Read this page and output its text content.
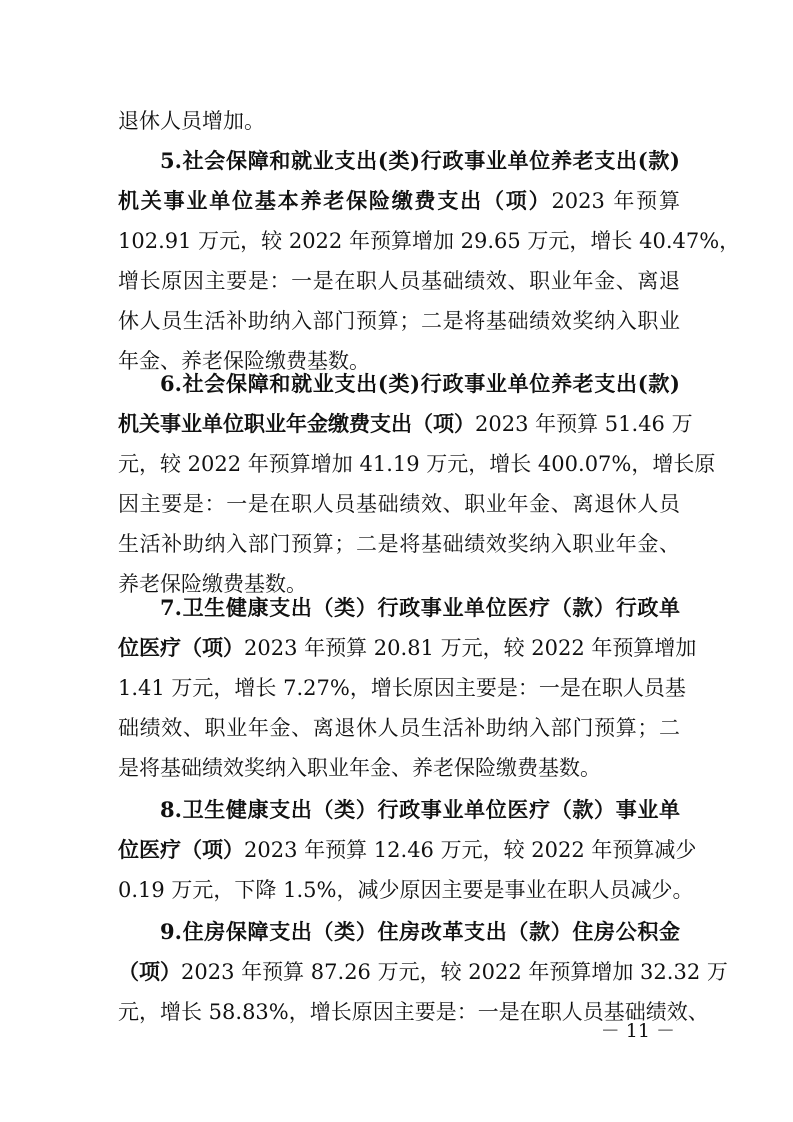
退休人员增加。
5.社会保障和就业支出(类)行政事业单位养老支出(款)
机关事业单位基本养老保险缴费支出（项）2023 年预算
102.91 万元，较 2022 年预算增加 29.65 万元，增长 40.47%，
增长原因主要是：一是在职人员基础绩效、职业年金、离退
休人员生活补助纳入部门预算；二是将基础绩效奖纳入职业
年金、养老保险缴费基数。
6.社会保障和就业支出(类)行政事业单位养老支出(款)
机关事业单位职业年金缴费支出（项）2023 年预算 51.46 万
元，较 2022 年预算增加 41.19 万元，增长 400.07%，增长原
因主要是：一是在职人员基础绩效、职业年金、离退休人员
生活补助纳入部门预算；二是将基础绩效奖纳入职业年金、
养老保险缴费基数。
7.卫生健康支出（类）行政事业单位医疗（款）行政单
位医疗（项）2023 年预算 20.81 万元，较 2022 年预算增加
1.41 万元，增长 7.27%，增长原因主要是：一是在职人员基
础绩效、职业年金、离退休人员生活补助纳入部门预算；二
是将基础绩效奖纳入职业年金、养老保险缴费基数。
8.卫生健康支出（类）行政事业单位医疗（款）事业单
位医疗（项）2023 年预算 12.46 万元，较 2022 年预算减少
0.19 万元，下降 1.5%，减少原因主要是事业在职人员减少。
9.住房保障支出（类）住房改革支出（款）住房公积金
（项）2023 年预算 87.26 万元，较 2022 年预算增加 32.32 万
元，增长 58.83%，增长原因主要是：一是在职人员基础绩效、
－ 11 －
